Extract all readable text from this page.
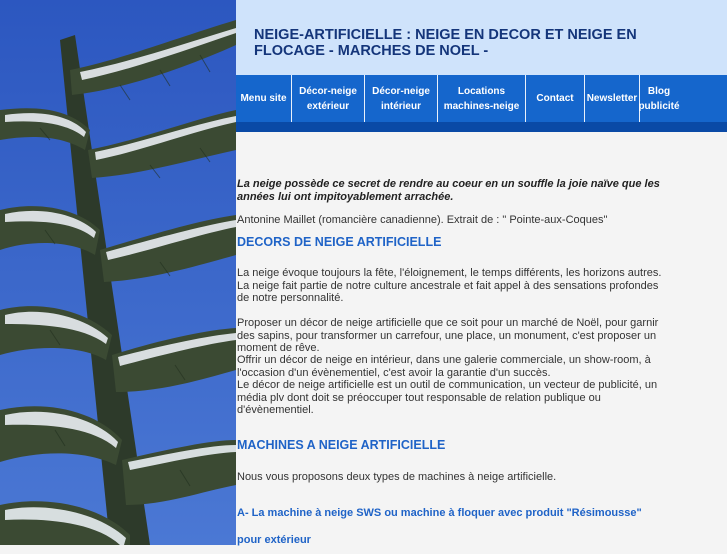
NEIGE-ARTIFICIELLE : NEIGE EN DECOR ET NEIGE EN FLOCAGE - MARCHES DE NOEL -
Menu site
Décor-neige extérieur
Décor-neige intérieur
Locations machines-neige
Contact	Newsletter
Blog publicité
La neige possède ce secret de rendre au coeur en un souffle la joie naïve que les années lui ont impitoyablement arrachée.
Antonine Maillet (romancière canadienne). Extrait de : " Pointe-aux-Coques"
DECORS DE NEIGE ARTIFICIELLE
La neige évoque toujours la fête, l'éloignement, le temps différents, les horizons autres. La neige fait partie de notre culture ancestrale et fait appel à des sensations profondes de notre personnalité.
Proposer un décor de neige artificielle que ce soit pour un marché de Noël, pour garnir des sapins, pour transformer un carrefour, une place, un monument, c'est proposer un moment de rêve.
Offrir un décor de neige en intérieur, dans une galerie commerciale, un show-room, à l'occasion d'un évènementiel, c'est avoir la garantie d'un succès.
Le décor de neige artificielle est un outil de communication, un vecteur de publicité, un média plv dont doit se préoccuper tout responsable de relation publique ou d'évènementiel.
MACHINES A NEIGE ARTIFICIELLE
Nous vous proposons deux types de machines à neige artificielle.
A- La machine à neige SWS ou machine à floquer avec produit "Résimousse" pour extérieur
